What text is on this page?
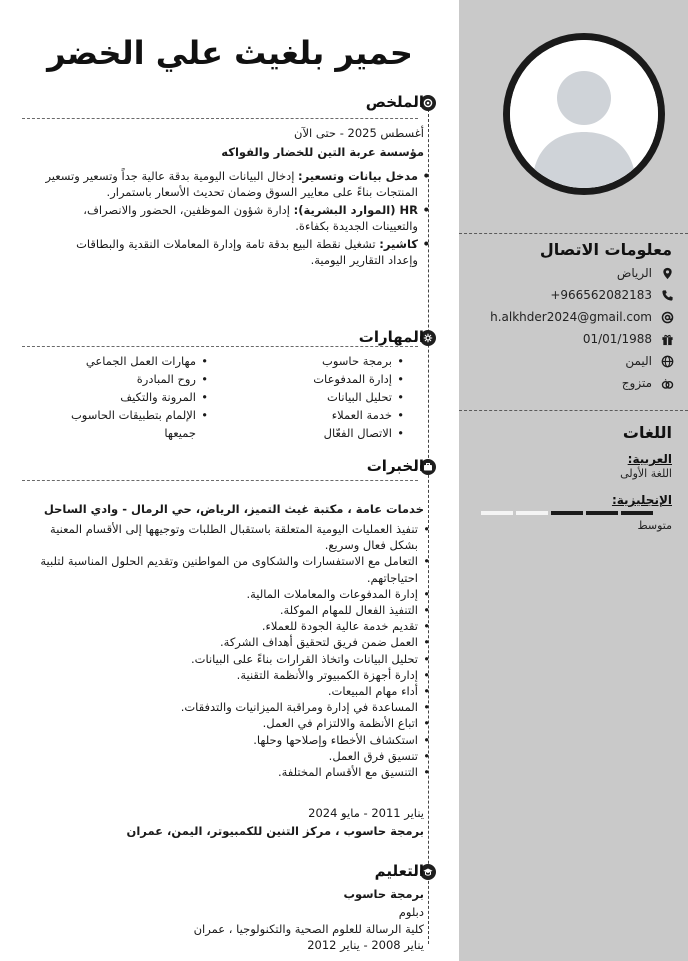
معلومات الاتصال
الرياض
+966562082183
h.alkhder2024@gmail.com
01/01/1988
اليمن
متزوج
اللغات
العربية:
اللغة الأولى
الإنجليزية:
متوسط
حمير بلغيث علي الخضر
الملخص
أغسطس 2025 - حتى الآن
مؤسسة عربة التين للخضار والفواكه
• مدخل بيانات وتسعير: إدخال البيانات اليومية بدقة عالية جداً وتسعير وتسعير المنتجات بناءً على معايير السوق وضمان تحديث الأسعار باستمرار.
• HR (الموارد البشرية): إدارة شؤون الموظفين، الحضور والانصراف، والتعيينات الجديدة بكفاءة.
• كاشير: تشغيل نقطة البيع بدقة تامة وإدارة المعاملات النقدية والبطاقات وإعداد التقارير اليومية.
المهارات
• برمجة حاسوب
• إدارة المدفوعات
• تحليل البيانات
• خدمة العملاء
• الاتصال الفعّال
• مهارات العمل الجماعي
• روح المبادرة
• المرونة والتكيف
• الإلمام بتطبيقات الحاسوب جميعها
الخبرات
خدمات عامة ، مكتبة غيث التميز، الرياض، حي الرمال - وادي الساحل
• تنفيذ العمليات اليومية المتعلقة باستقبال الطلبات وتوجيهها إلى الأقسام المعنية بشكل فعال وسريع.
• التعامل مع الاستفسارات والشكاوى من المواطنين وتقديم الحلول المناسبة لتلبية احتياجاتهم.
• إدارة المدفوعات والمعاملات المالية.
• التنفيذ الفعال للمهام الموكلة.
• تقديم خدمة عالية الجودة للعملاء.
• العمل ضمن فريق لتحقيق أهداف الشركة.
• تحليل البيانات واتخاذ القرارات بناءً على البيانات.
• إدارة أجهزة الكمبيوتر والأنظمة التقنية.
• أداء مهام المبيعات.
• المساعدة في إدارة ومراقبة الميزانيات والتدفقات.
• اتباع الأنظمة والالتزام في العمل.
• استكشاف الأخطاء وإصلاحها وحلها.
• تنسيق فرق العمل.
• التنسيق مع الأقسام المختلفة.
يناير 2011 - مايو 2024
برمجة حاسوب ، مركز التنين للكمبيوتر، اليمن، عمران
التعليم
برمجة حاسوب
دبلوم
كلية الرسالة للعلوم الصحية والتكنولوجيا ، عمران
يناير 2008 - يناير 2012
